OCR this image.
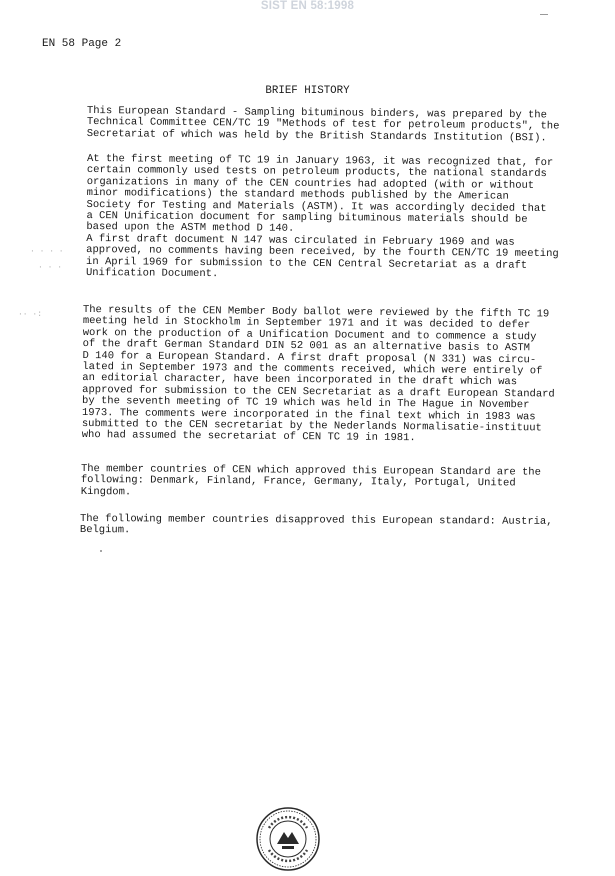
SIST EN 58:1998
EN 58 Page 2
BRIEF HISTORY

This European Standard - Sampling bituminous binders, was prepared by the
Technical Committee CEN/TC 19 "Methods of test for petroleum products", the
Secretariat of which was held by the British Standards Institution (BSI).

At the first meeting of TC 19 in January 1963, it was recognized that, for
certain commonly used tests on petroleum products, the national standards
organizations in many of the CEN countries had adopted (with or without
minor modifications) the standard methods published by the American
Society for Testing and Materials (ASTM). It was accordingly decided that
a CEN Unification document for sampling bituminous materials should be
based upon the ASTM method D 140.
A first draft document N 147 was circulated in February 1969 and was
approved, no comments having been received, by the fourth CEN/TC 19 meeting
in April 1969 for submission to the CEN Central Secretariat as a draft
Unification Document.

The results of the CEN Member Body ballot were reviewed by the fifth TC 19
meeting held in Stockholm in September 1971 and it was decided to defer
work on the production of a Unification Document and to commence a study
of the draft German Standard DIN 52 001 as an alternative basis to ASTM
D 140 for a European Standard. A first draft proposal (N 331) was circu-
lated in September 1973 and the comments received, which were entirely of
an editorial character, have been incorporated in the draft which was
approved for submission to the CEN Secretariat as a draft European Standard
by the seventh meeting of TC 19 which was held in The Hague in November
1973. The comments were incorporated in the final text which in 1983 was
submitted to the CEN secretariat by the Nederlands Normalisatie-instituut
who had assumed the secretariat of CEN TC 19 in 1981.

The member countries of CEN which approved this European Standard are the
following: Denmark, Finland, France, Germany, Italy, Portugal, United
Kingdom.

The following member countries disapproved this European standard: Austria,
Belgium.

· · · ·
· · ·
·· ·:
